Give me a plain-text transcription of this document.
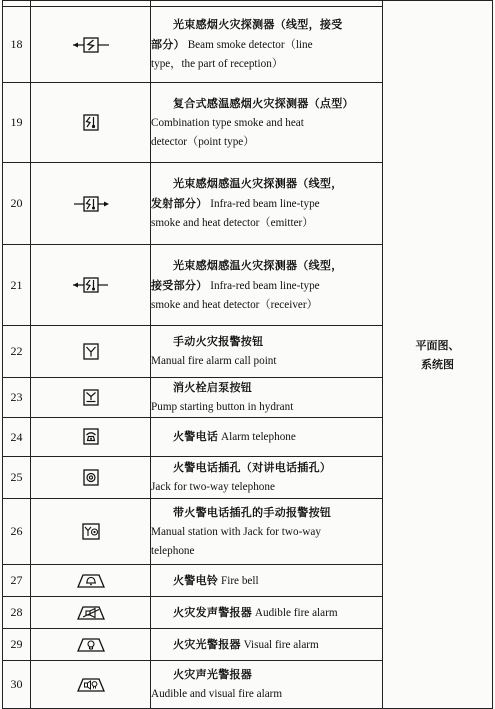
			平面图、
系统图

18		光束感烟火灾探测器（线型，接受
部分） Beam smoke detector（line
type，the part of reception）	

19		复合式感温感烟火灾探测器（点型）
Combination type smoke and heat
detector（point type）	

20		光束感烟感温火灾探测器（线型，
发射部分） Infra-red beam line-type
smoke and heat detector（emitter）	

21		光束感烟感温火灾探测器（线型，
接受部分） Infra-red beam line-type
smoke and heat detector（receiver）	

22		手动火灾报警按钮
Manual fire alarm call point	

23		消火栓启泵按钮
Pump starting button in hydrant	

24		火警电话 Alarm telephone	

25		火警电话插孔（对讲电话插孔）
Jack for two-way telephone	

26		带火警电话插孔的手动报警按钮
Manual station with Jack for two-way
telephone	

27		火警电铃 Fire bell	

28		火灾发声警报器 Audible fire alarm	

29		火灾光警报器 Visual fire alarm	

30		火灾声光警报器
Audible and visual fire alarm	
